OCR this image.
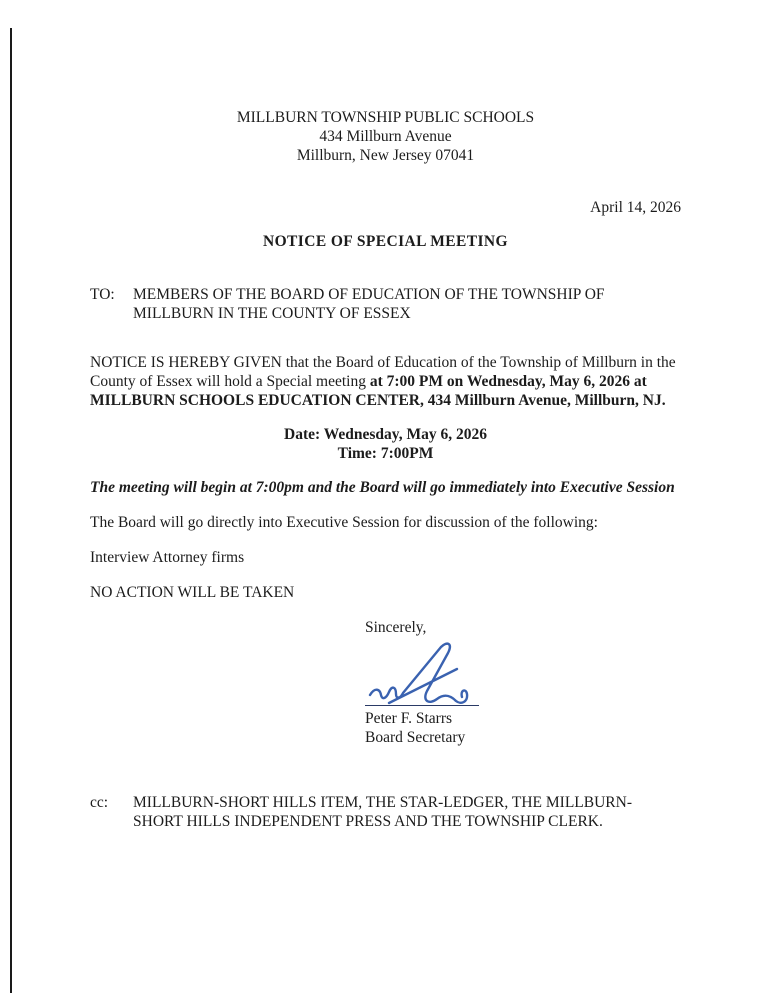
MILLBURN TOWNSHIP PUBLIC SCHOOLS
434 Millburn Avenue
Millburn, New Jersey 07041
April 14, 2026
NOTICE OF SPECIAL MEETING
TO:	MEMBERS OF THE BOARD OF EDUCATION OF THE TOWNSHIP OF MILLBURN IN THE COUNTY OF ESSEX

NOTICE IS HEREBY GIVEN that the Board of Education of the Township of Millburn in the County of Essex will hold a Special meeting at 7:00 PM on Wednesday, May 6, 2026 at MILLBURN SCHOOLS EDUCATION CENTER, 434 Millburn Avenue, Millburn, NJ.

Date: Wednesday, May 6, 2026
Time: 7:00PM
The meeting will begin at 7:00pm and the Board will go immediately into Executive Session

The Board will go directly into Executive Session for discussion of the following:

Interview Attorney firms

NO ACTION WILL BE TAKEN

Sincerely,
Peter F. Starrs
Board Secretary
cc:	MILLBURN-SHORT HILLS ITEM, THE STAR-LEDGER, THE MILLBURN-SHORT HILLS INDEPENDENT PRESS AND THE TOWNSHIP CLERK.
